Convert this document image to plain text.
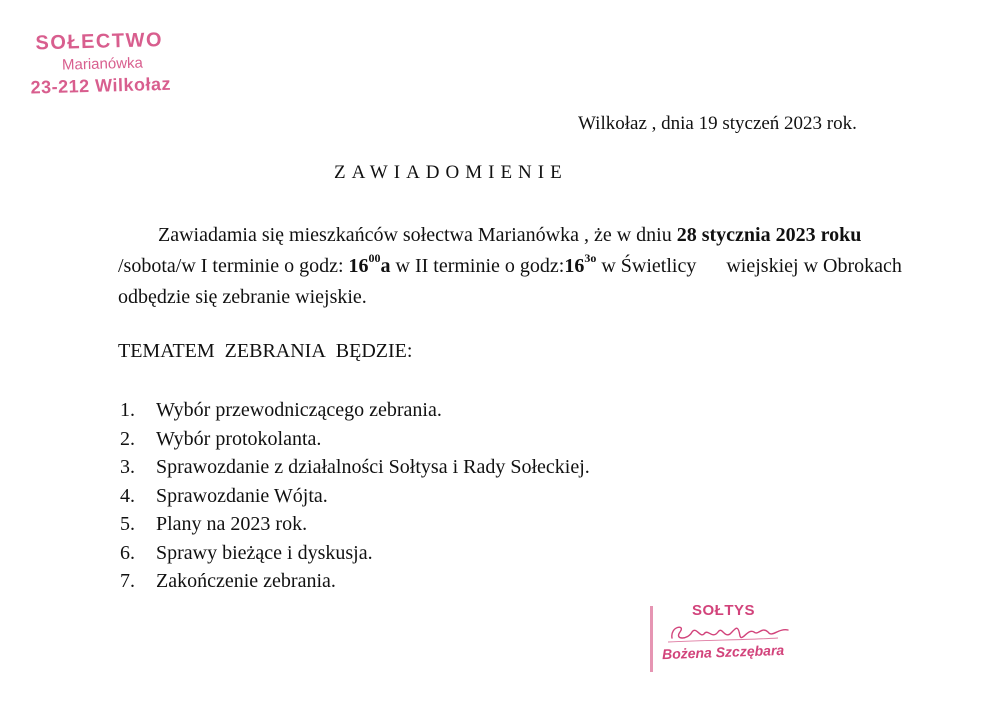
SOŁECTWO
Marianówka
23-212 Wilkołaz
Wilkołaz , dnia 19 styczeń 2023 rok.
ZAWIADOMIENIE
Zawiadamia się mieszkańców sołectwa Marianówka , że w dniu 28 stycznia 2023 roku /sobota/w I terminie o godz: $16^{00}a$ w II terminie o $godz:16^{3o}$ w Świetlicy wiejskiej w Obrokach odbędzie się zebranie wiejskie.
TEMATEM ZEBRANIA BĘDZIE:
1. Wybór przewodniczącego zebrania.
2. Wybór protokolanta.
3. Sprawozdanie z działalności Sołtysa i Rady Sołeckiej.
4. Sprawozdanie Wójta.
5. Plany na 2023 rok.
6. Sprawy bieżące i dyskusja.
7. Zakończenie zebrania.
SOŁTYS
Bożena Szczębara
